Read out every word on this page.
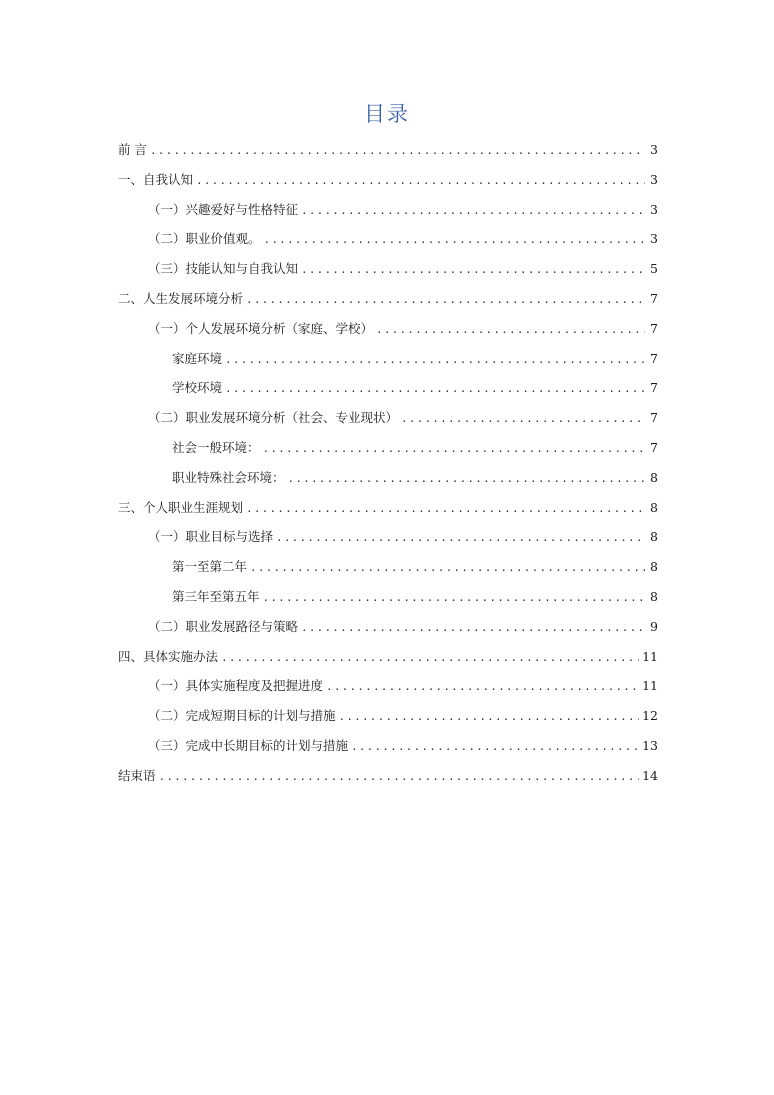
目录
前 言 .....	3
一、自我认知 .....	3
（一）兴趣爱好与性格特征 .....	3
（二）职业价值观。 .....	3
（三）技能认知与自我认知 .....	5
二、人生发展环境分析 .....	7
（一）个人发展环境分析（家庭、学校） .....	7
家庭环境 .....	7
学校环境 .....	7
（二）职业发展环境分析（社会、专业现状） .....	7
社会一般环境： .....	7
职业特殊社会环境： .....	8
三、个人职业生涯规划 .....	8
（一）职业目标与选择 .....	8
第一至第二年 .....	8
第三年至第五年 .....	8
（二）职业发展路径与策略 .....	9
四、具体实施办法 .....	11
（一）具体实施程度及把握进度 .....	11
（二）完成短期目标的计划与措施 .....	12
（三）完成中长期目标的计划与措施 .....	13
结束语 .....	14
